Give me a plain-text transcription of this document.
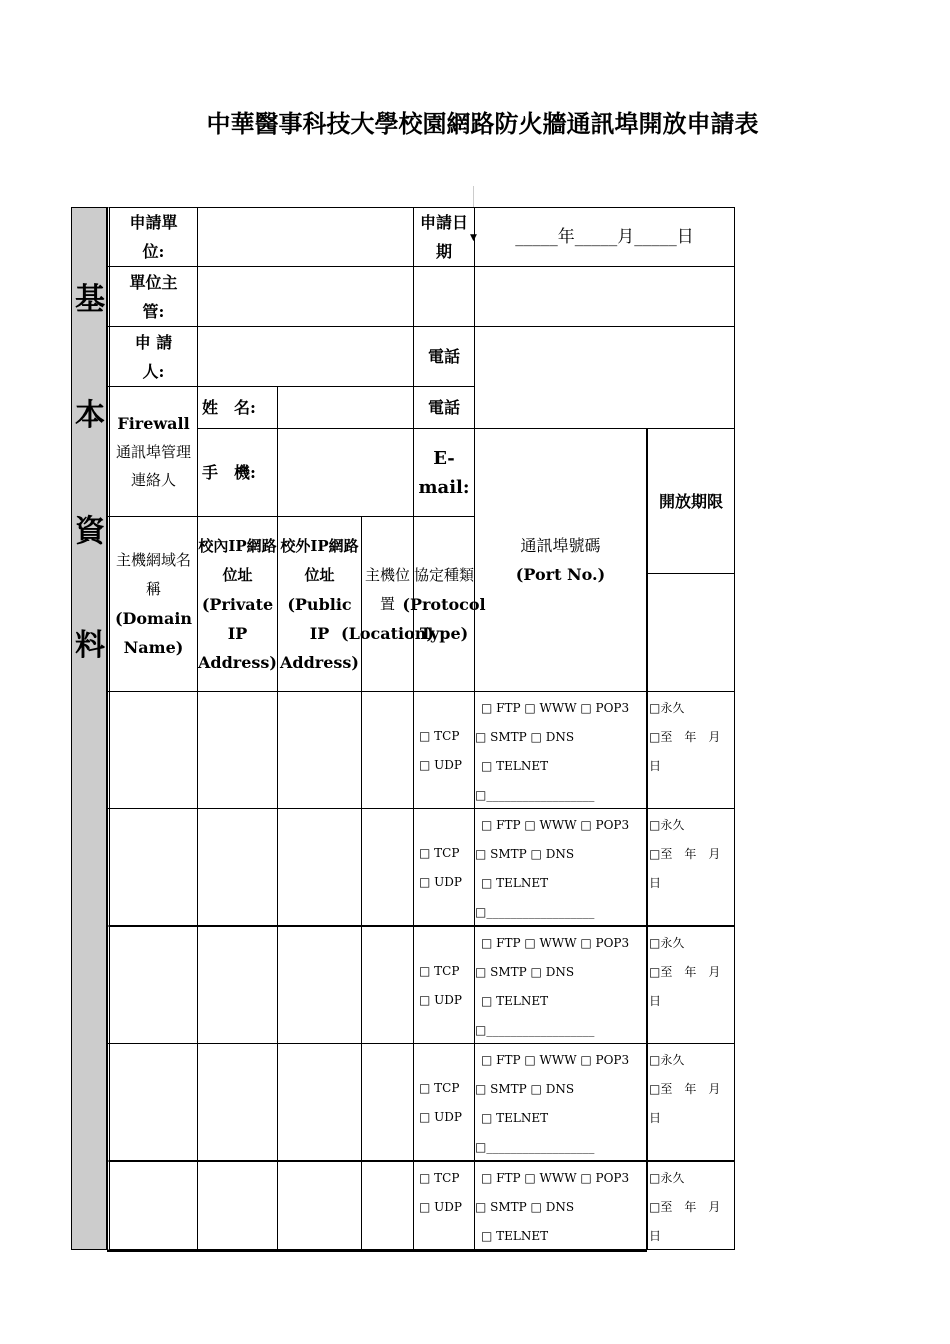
中華醫事科技大學校園網路防火牆通訊埠開放申請表
▼
基
本
資
料
申請單位:
申請日期
_____年_____月_____日
單位主管:
申 請 人:
電話
Firewall
通訊埠管理連絡人
姓　名:	電話
手　機:
E-mail:
通訊埠號碼
(Port No.)
開放期限
主機網域名稱
(Domain Name)
校內IP網路位址
(Private IP Address)
校外IP網路位址
(Public IP Address)
主機位置
(Location)
協定種類
(Protocol Type)
□ TCP
□ UDP
□ FTP □ WWW □ POP3
□ SMTP □ DNS
□ TELNET
□__________________
□永久
□至　年　月
日
□ TCP
□ UDP
□ FTP □ WWW □ POP3
□ SMTP □ DNS
□ TELNET
□__________________
□永久
□至　年　月
日
□ TCP
□ UDP
□ FTP □ WWW □ POP3
□ SMTP □ DNS
□ TELNET
□__________________
□永久
□至　年　月
日
□ TCP
□ UDP
□ FTP □ WWW □ POP3
□ SMTP □ DNS
□ TELNET
□__________________
□永久
□至　年　月
日
□ TCP
□ UDP
□ FTP □ WWW □ POP3
□ SMTP □ DNS
□ TELNET
□永久
□至　年　月
日
